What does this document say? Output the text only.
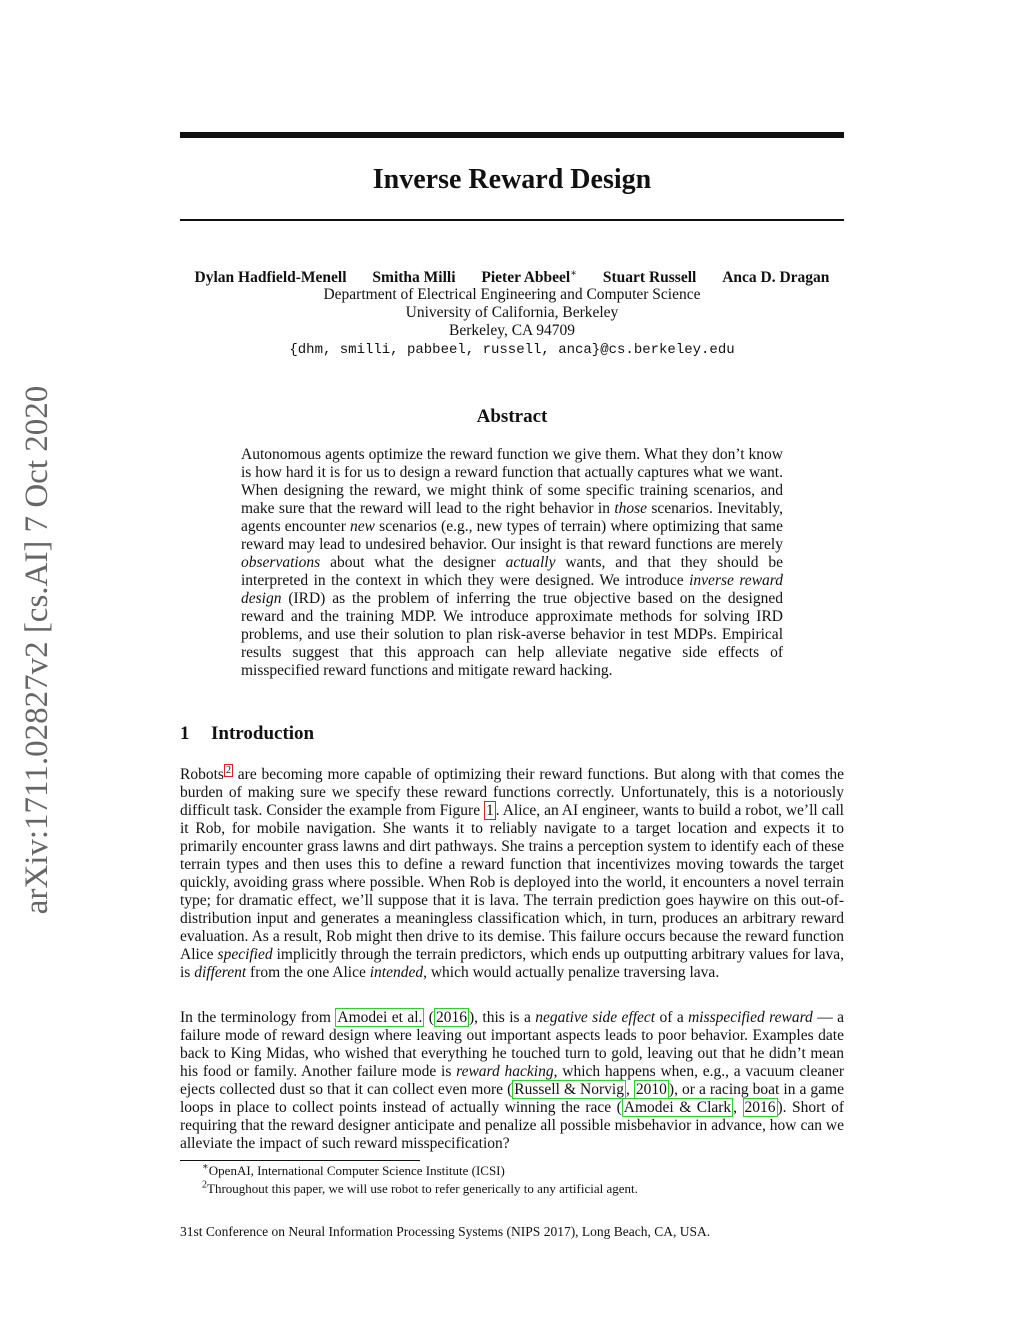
arXiv:1711.02827v2 [cs.AI] 7 Oct 2020
Inverse Reward Design
Dylan Hadfield-Menell Smitha Milli Pieter Abbeel∗ Stuart Russell Anca D. Dragan
Department of Electrical Engineering and Computer Science
University of California, Berkeley
Berkeley, CA 94709
{dhm, smilli, pabbeel, russell, anca}@cs.berkeley.edu
Abstract

Autonomous agents optimize the reward function we give them. What they don’t know is how hard it is for us to design a reward function that actually captures what we want. When designing the reward, we might think of some specific training scenarios, and make sure that the reward will lead to the right behavior in those scenarios. Inevitably, agents encounter new scenarios (e.g., new types of terrain) where optimizing that same reward may lead to undesired behavior. Our insight is that reward functions are merely observations about what the designer actually wants, and that they should be interpreted in the context in which they were designed. We introduce inverse reward design (IRD) as the problem of inferring the true objective based on the designed reward and the training MDP. We introduce approximate methods for solving IRD problems, and use their solution to plan risk-averse behavior in test MDPs. Empirical results suggest that this approach can help alleviate negative side effects of misspecified reward functions and mitigate reward hacking.

1 Introduction

Robots $^2$ are becoming more capable of optimizing their reward functions. But along with that comes the burden of making sure we specify these reward functions correctly. Unfortunately, this is a notoriously difficult task. Consider the example from Figure 1 . Alice, an AI engineer, wants to build a robot, we’ll call it Rob, for mobile navigation. She wants it to reliably navigate to a target location and expects it to primarily encounter grass lawns and dirt pathways. She trains a perception system to identify each of these terrain types and then uses this to define a reward function that incentivizes moving towards the target quickly, avoiding grass where possible. When Rob is deployed into the world, it encounters a novel terrain type; for dramatic effect, we’ll suppose that it is lava. The terrain prediction goes haywire on this out-of-distribution input and generates a meaningless classification which, in turn, produces an arbitrary reward evaluation. As a result, Rob might then drive to its demise. This failure occurs because the reward function Alice specified implicitly through the terrain predictors, which ends up outputting arbitrary values for lava, is different from the one Alice intended, which would actually penalize traversing lava.

In the terminology from Amodei et al. ( 2016 ), this is a negative side effect of a misspecified reward — a failure mode of reward design where leaving out important aspects leads to poor behavior. Examples date back to King Midas, who wished that everything he touched turn to gold, leaving out that he didn’t mean his food or family. Another failure mode is reward hacking, which happens when, e.g., a vacuum cleaner ejects collected dust so that it can collect even more ( Russell & Norvig , 2010 ), or a racing boat in a game loops in place to collect points instead of actually winning the race ( Amodei & Clark , 2016 ). Short of requiring that the reward designer anticipate and penalize all possible misbehavior in advance, how can we alleviate the impact of such reward misspecification?

∗OpenAI, International Computer Science Institute (ICSI)

$^2$Throughout this paper, we will use robot to refer generically to any artificial agent.

31st Conference on Neural Information Processing Systems (NIPS 2017), Long Beach, CA, USA.
